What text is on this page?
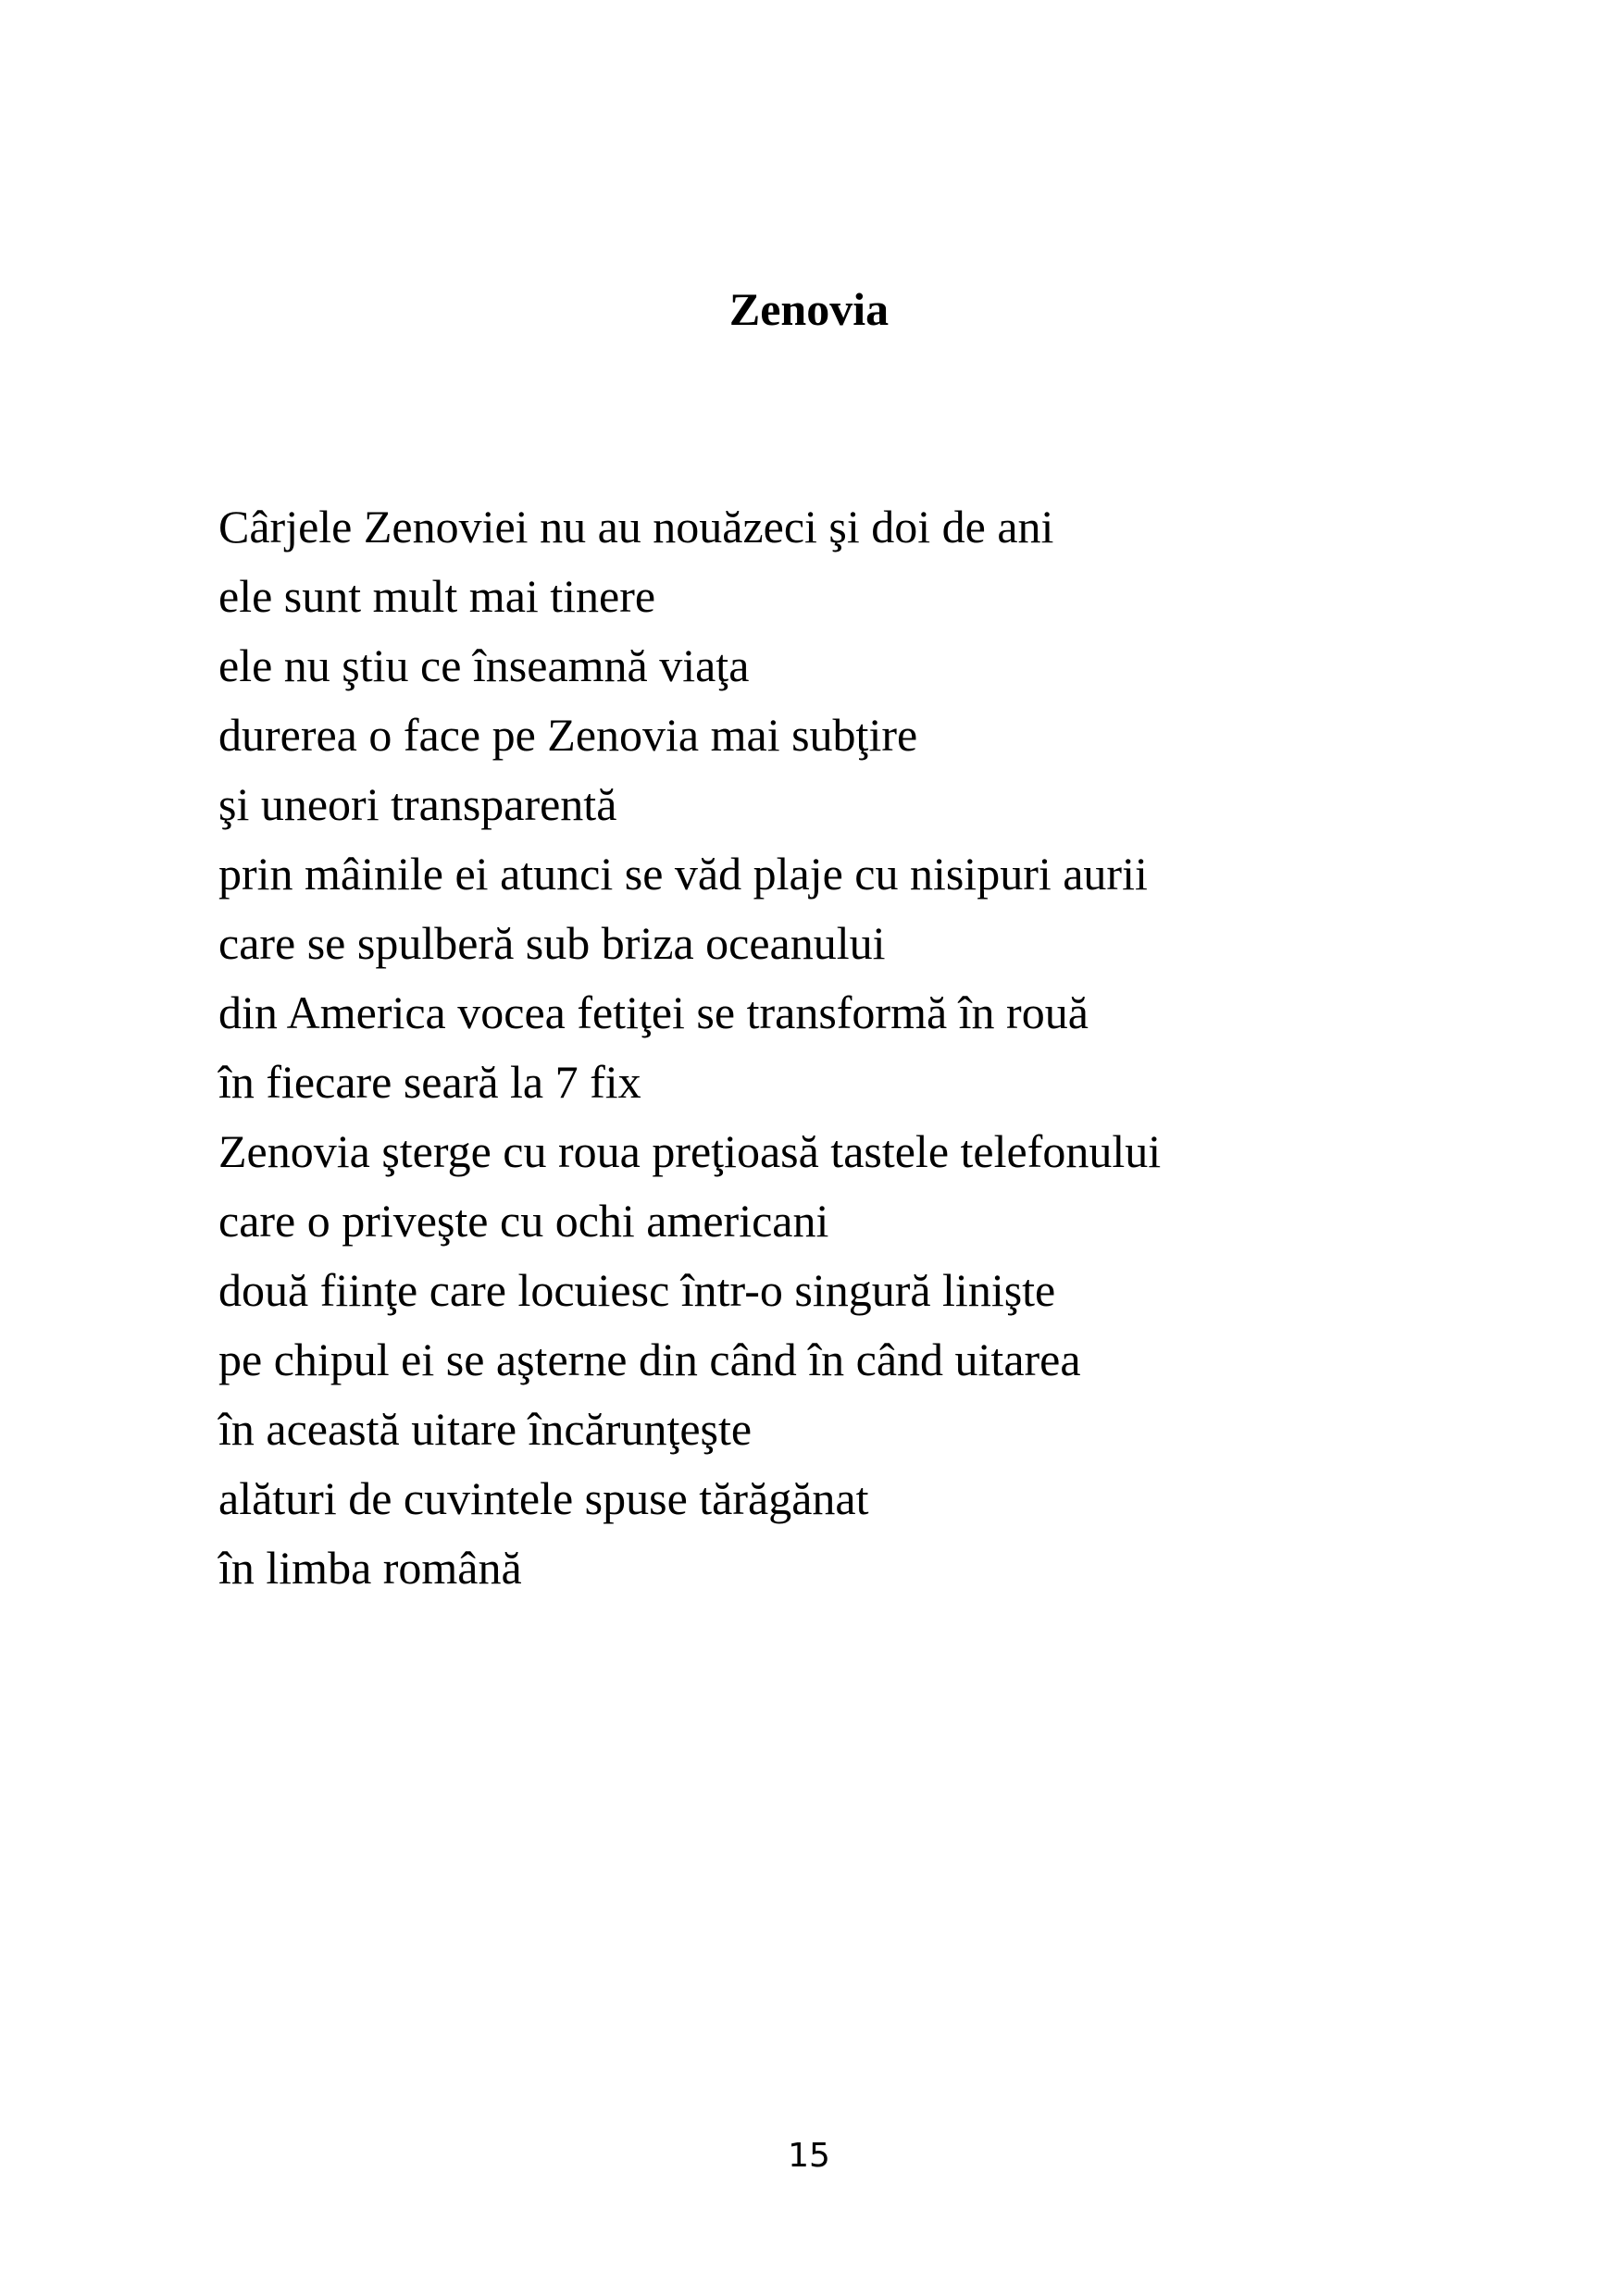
Zenovia
Cârjele Zenoviei nu au nouăzeci şi doi de ani
ele sunt mult mai tinere
ele nu ştiu ce înseamnă viaţa
durerea o face pe Zenovia mai subţire
şi uneori transparentă
prin mâinile ei atunci se văd plaje cu nisipuri aurii
care se spulberă sub briza oceanului
din America vocea fetiţei se transformă în rouă
în fiecare seară la 7 fix
Zenovia şterge cu roua preţioasă tastele telefonului
care o priveşte cu ochi americani
două fiinţe care locuiesc într-o singură linişte
pe chipul ei se aşterne din când în când uitarea
în această uitare încărunţeşte
alături de cuvintele spuse tărăgănat
în limba română
15
